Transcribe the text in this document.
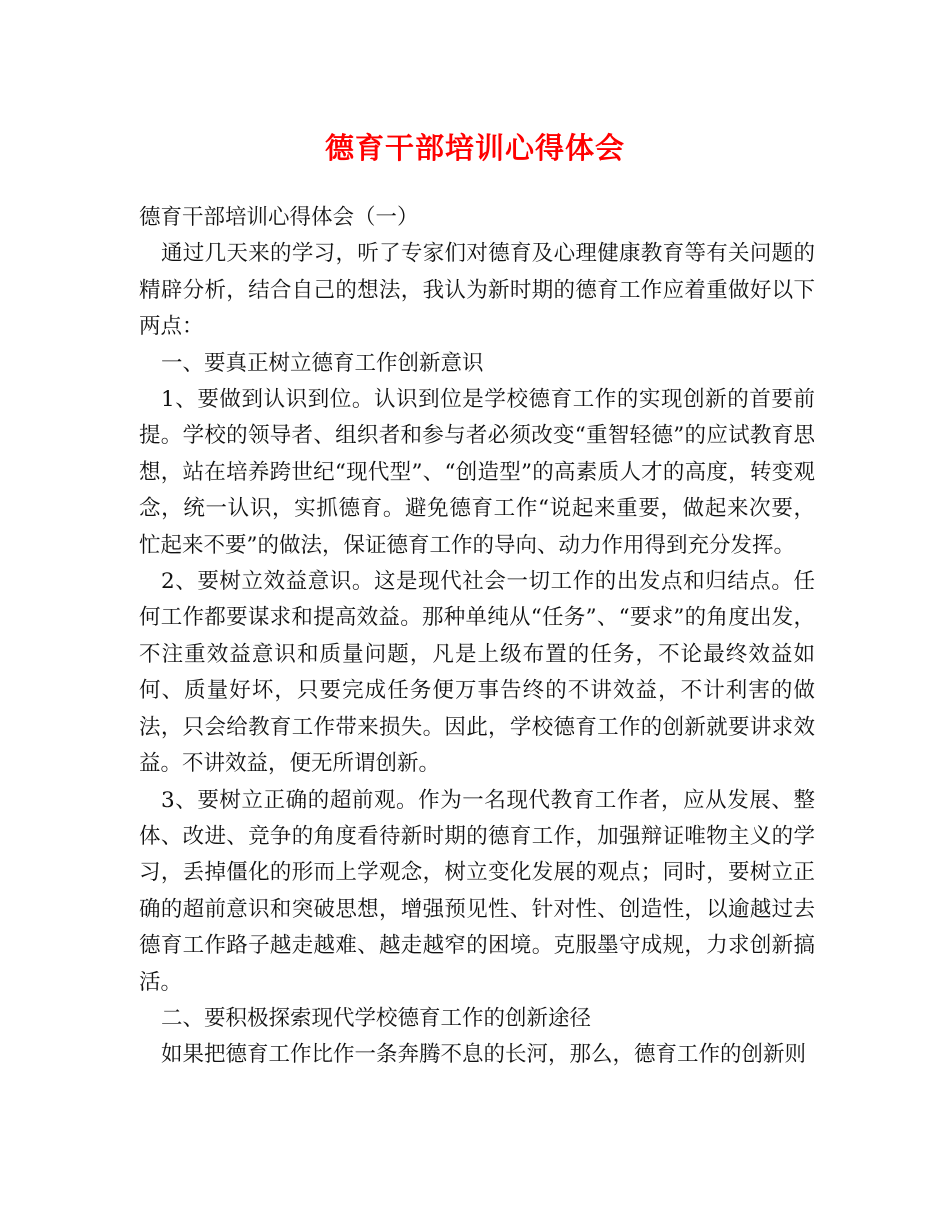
德育干部培训心得体会

德育干部培训心得体会（一）

通过几天来的学习，听了专家们对德育及心理健康教育等有关问题的精辟分析，结合自己的想法，我认为新时期的德育工作应着重做好以下两点：

一、要真正树立德育工作创新意识

1、要做到认识到位。认识到位是学校德育工作的实现创新的首要前提。学校的领导者、组织者和参与者必须改变“重智轻德”的应试教育思想，站在培养跨世纪“现代型”、“创造型”的高素质人才的高度，转变观念，统一认识，实抓德育。避免德育工作“说起来重要，做起来次要，忙起来不要”的做法，保证德育工作的导向、动力作用得到充分发挥。

2、要树立效益意识。这是现代社会一切工作的出发点和归结点。任何工作都要谋求和提高效益。那种单纯从“任务”、“要求”的角度出发，不注重效益意识和质量问题，凡是上级布置的任务，不论最终效益如何、质量好坏，只要完成任务便万事告终的不讲效益，不计利害的做法，只会给教育工作带来损失。因此，学校德育工作的创新就要讲求效益。不讲效益，便无所谓创新。

3、要树立正确的超前观。作为一名现代教育工作者，应从发展、整体、改进、竞争的角度看待新时期的德育工作，加强辩证唯物主义的学习，丢掉僵化的形而上学观念，树立变化发展的观点；同时，要树立正确的超前意识和突破思想，增强预见性、针对性、创造性，以逾越过去德育工作路子越走越难、越走越窄的困境。克服墨守成规，力求创新搞活。

二、要积极探索现代学校德育工作的创新途径

如果把德育工作比作一条奔腾不息的长河，那么，德育工作的创新则
